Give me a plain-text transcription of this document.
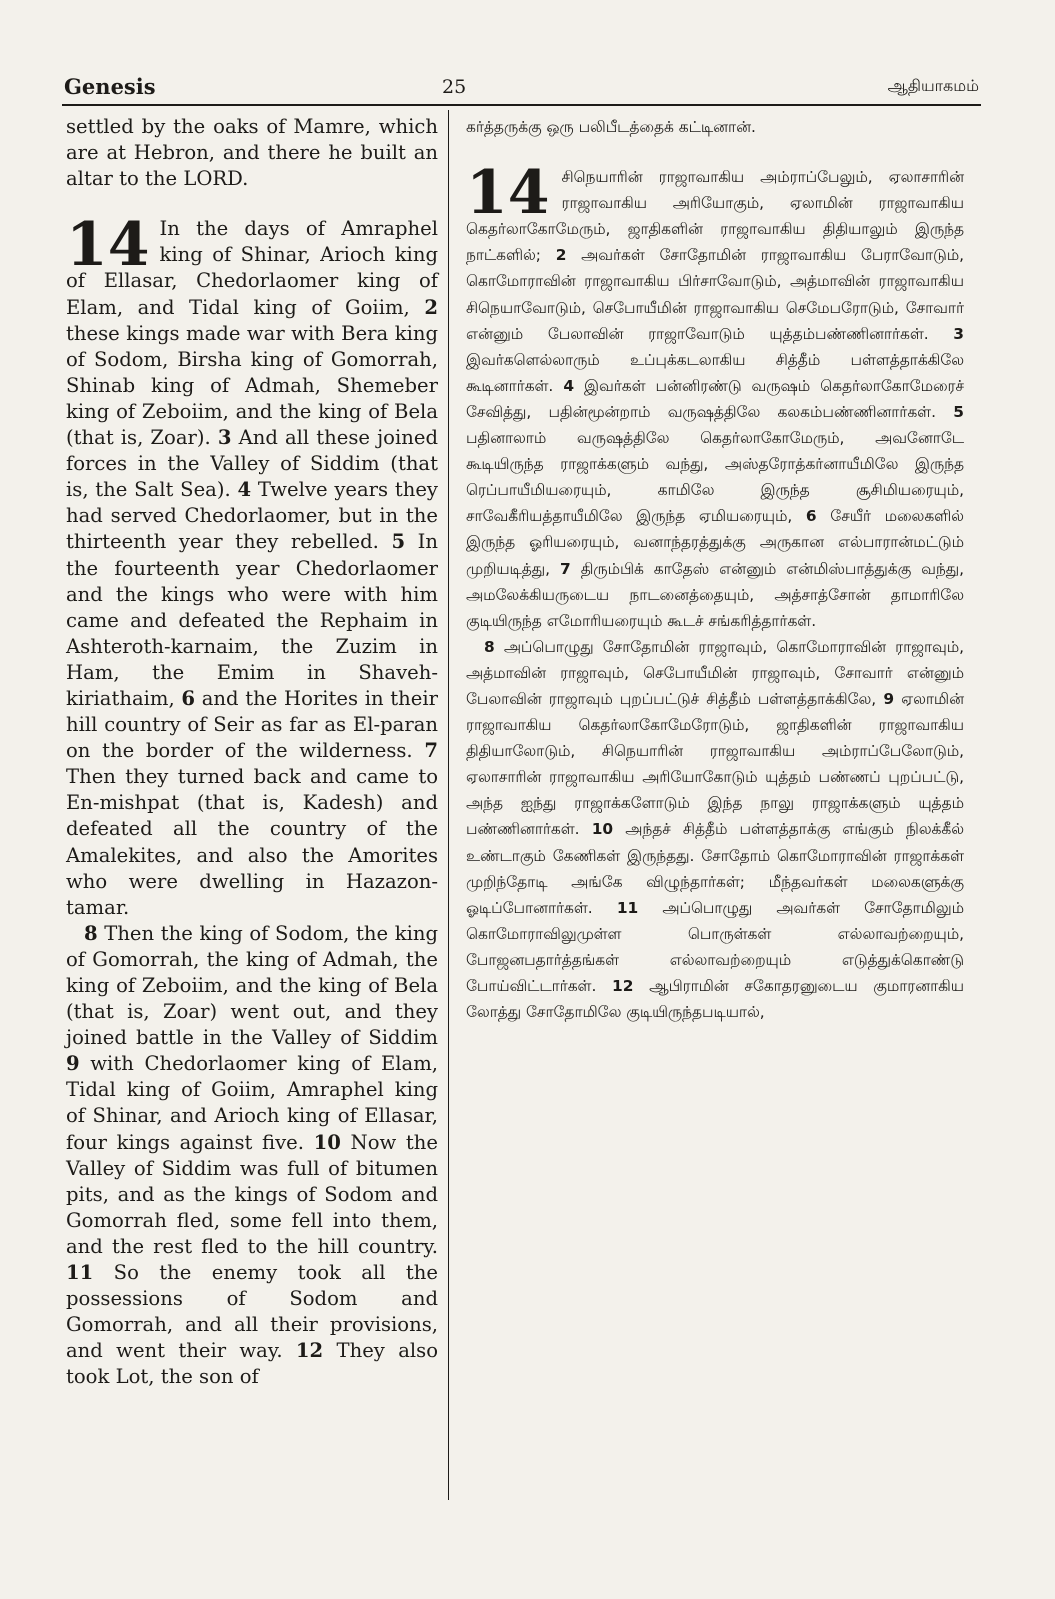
Genesis	25	ஆதியாகமம்

settled by the oaks of Mamre, which are at Hebron, and there he built an altar to the LORD.

14 In the days of Amraphel king of Shinar, Arioch king of Ellasar, Chedorlaomer king of Elam, and Tidal king of Goiim, 2 these kings made war with Bera king of Sodom, Birsha king of Gomorrah, Shinab king of Admah, Shemeber king of Zeboiim, and the king of Bela (that is, Zoar). 3 And all these joined forces in the Valley of Siddim (that is, the Salt Sea). 4 Twelve years they had served Chedorlaomer, but in the thirteenth year they rebelled. 5 In the fourteenth year Chedorlaomer and the kings who were with him came and defeated the Rephaim in Ashteroth-karnaim, the Zuzim in Ham, the Emim in Shaveh-kiriathaim, 6 and the Horites in their hill country of Seir as far as El-paran on the border of the wilderness. 7 Then they turned back and came to En-mishpat (that is, Kadesh) and defeated all the country of the Amalekites, and also the Amorites who were dwelling in Hazazon-tamar.

8 Then the king of Sodom, the king of Gomorrah, the king of Admah, the king of Zeboiim, and the king of Bela (that is, Zoar) went out, and they joined battle in the Valley of Siddim 9 with Chedorlaomer king of Elam, Tidal king of Goiim, Amraphel king of Shinar, and Arioch king of Ellasar, four kings against five. 10 Now the Valley of Siddim was full of bitumen pits, and as the kings of Sodom and Gomorrah fled, some fell into them, and the rest fled to the hill country. 11 So the enemy took all the possessions of Sodom and Gomorrah, and all their provisions, and went their way. 12 They also took Lot, the son of

கர்த்தருக்கு ஒரு பலிபீடத்தைக் கட்டினான்.

14 சிநெயாரின் ராஜாவாகிய அம்ராப்பேலும், ஏலாசாரின் ராஜாவாகிய அரியோகும், ஏலாமின் ராஜாவாகிய கெதர்லாகோமேரும், ஜாதிகளின் ராஜாவாகிய திதியாலும் இருந்த நாட்களில்; 2 அவர்கள் சோதோமின் ராஜாவாகிய பேராவோடும், கொமோராவின் ராஜாவாகிய பிர்சாவோடும், அத்மாவின் ராஜாவாகிய சிநெயாவோடும், செபோயீமின் ராஜாவாகிய செமேபரோடும், சோவார் என்னும் பேலாவின் ராஜாவோடும் யுத்தம்பண்ணினார்கள். 3 இவர்களெல்லாரும் உப்புக்கடலாகிய சித்தீம் பள்ளத்தாக்கிலே கூடினார்கள். 4 இவர்கள் பன்னிரண்டு வருஷம் கெதர்லாகோமேரைச் சேவித்து, பதின்மூன்றாம் வருஷத்திலே கலகம்பண்ணினார்கள். 5 பதினாலாம் வருஷத்திலே கெதர்லாகோமேரும், அவனோடே கூடியிருந்த ராஜாக்களும் வந்து, அஸ்தரோத்கர்னாயீமிலே இருந்த ரெப்பாயீமியரையும், காமிலே இருந்த சூசிமியரையும், சாவேகீரியத்தாயீமிலே இருந்த ஏமியரையும், 6 சேயீர் மலைகளில் இருந்த ஓரியரையும், வனாந்தரத்துக்கு அருகான எல்பாரான்மட்டும் முறியடித்து, 7 திரும்பிக் காதேஸ் என்னும் என்மிஸ்பாத்துக்கு வந்து, அமலேக்கியருடைய நாடனைத்தையும், அத்சாத்சோன் தாமாரிலே குடியிருந்த எமோரியரையும் கூடச் சங்கரித்தார்கள்.

8 அப்பொழுது சோதோமின் ராஜாவும், கொமோராவின் ராஜாவும், அத்மாவின் ராஜாவும், செபோயீமின் ராஜாவும், சோவார் என்னும் பேலாவின் ராஜாவும் புறப்பட்டுச் சித்தீம் பள்ளத்தாக்கிலே, 9 ஏலாமின் ராஜாவாகிய கெதர்லாகோமேரோடும், ஜாதிகளின் ராஜாவாகிய திதியாலோடும், சிநெயாரின் ராஜாவாகிய அம்ராப்பேலோடும், ஏலாசாரின் ராஜாவாகிய அரியோகோடும் யுத்தம் பண்ணப் புறப்பட்டு, அந்த ஐந்து ராஜாக்களோடும் இந்த நாலு ராஜாக்களும் யுத்தம் பண்ணினார்கள். 10 அந்தச் சித்தீம் பள்ளத்தாக்கு எங்கும் நிலக்கீல் உண்டாகும் கேணிகள் இருந்தது. சோதோம் கொமோராவின் ராஜாக்கள் முறிந்தோடி அங்கே விழுந்தார்கள்; மீந்தவர்கள் மலைகளுக்கு ஓடிப்போனார்கள். 11 அப்பொழுது அவர்கள் சோதோமிலும் கொமோராவிலுமுள்ள பொருள்கள் எல்லாவற்றையும், போஜனபதார்த்தங்கள் எல்லாவற்றையும் எடுத்துக்கொண்டு போய்விட்டார்கள். 12 ஆபிராமின் சகோதரனுடைய குமாரனாகிய லோத்து சோதோமிலே குடியிருந்தபடியால்,
